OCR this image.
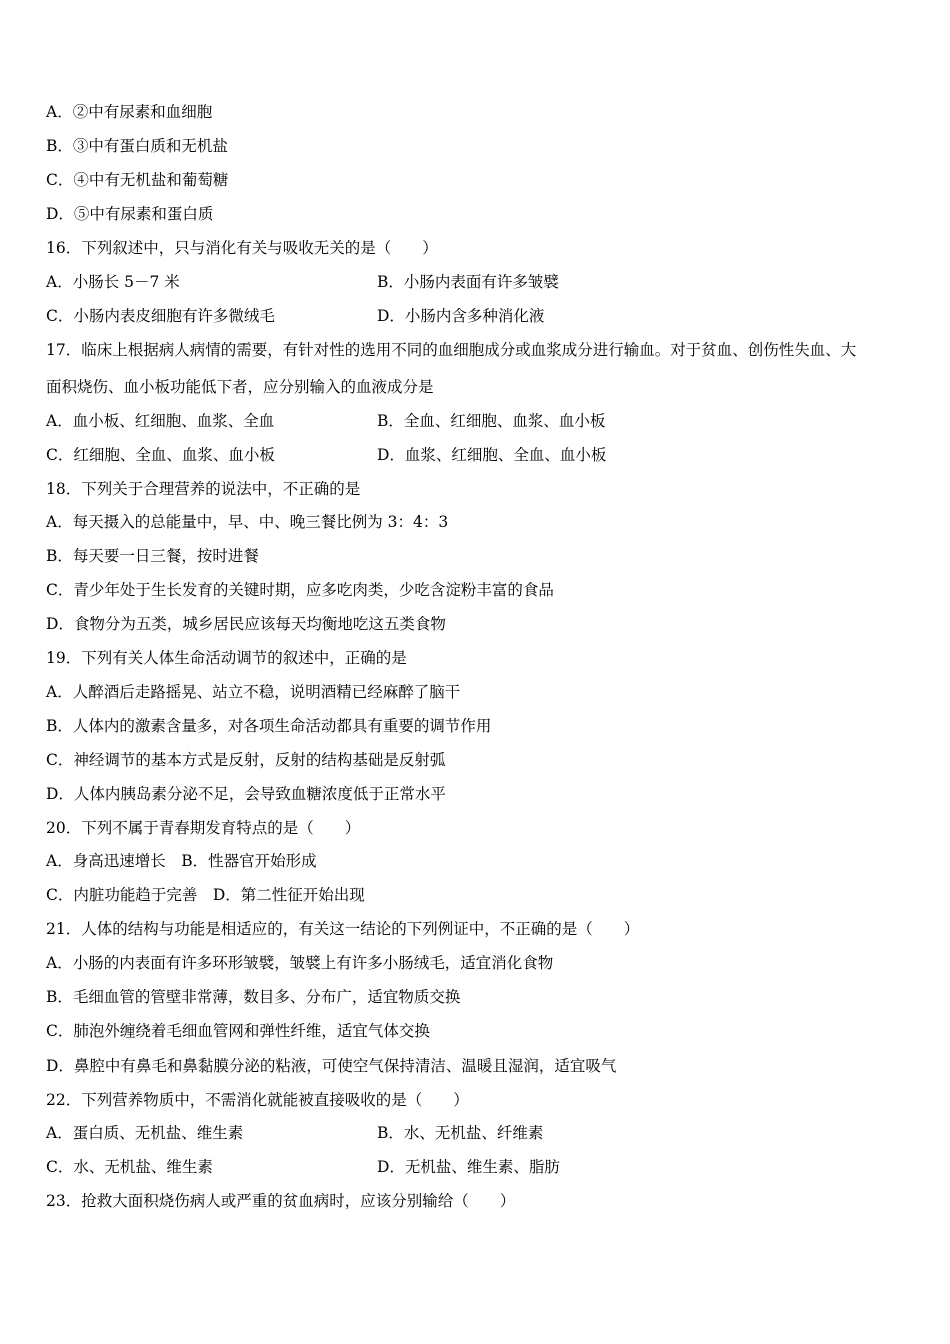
A．②中有尿素和血细胞
B．③中有蛋白质和无机盐
C．④中有无机盐和葡萄糖
D．⑤中有尿素和蛋白质
16．下列叙述中，只与消化有关与吸收无关的是（　　）
A．小肠长 5－7 米	B．小肠内表面有许多皱襞
C．小肠内表皮细胞有许多微绒毛	D．小肠内含多种消化液
17．临床上根据病人病情的需要，有针对性的选用不同的血细胞成分或血浆成分进行输血。对于贫血、创伤性失血、大
面积烧伤、血小板功能低下者，应分别输入的血液成分是
A．血小板、红细胞、血浆、全血	B．全血、红细胞、血浆、血小板
C．红细胞、全血、血浆、血小板	D．血浆、红细胞、全血、血小板
18．下列关于合理营养的说法中，不正确的是
A．每天摄入的总能量中，早、中、晚三餐比例为 3：4：3
B．每天要一日三餐，按时进餐
C．青少年处于生长发育的关键时期，应多吃肉类，少吃含淀粉丰富的食品
D．食物分为五类，城乡居民应该每天均衡地吃这五类食物
19．下列有关人体生命活动调节的叙述中，正确的是
A．人醉酒后走路摇晃、站立不稳，说明酒精已经麻醉了脑干
B．人体内的激素含量多，对各项生命活动都具有重要的调节作用
C．神经调节的基本方式是反射，反射的结构基础是反射弧
D．人体内胰岛素分泌不足，会导致血糖浓度低于正常水平
20．下列不属于青春期发育特点的是（　　）
A．身高迅速增长　B．性器官开始形成
C．内脏功能趋于完善　D．第二性征开始出现
21．人体的结构与功能是相适应的，有关这一结论的下列例证中，不正确的是（　　）
A．小肠的内表面有许多环形皱襞，皱襞上有许多小肠绒毛，适宜消化食物
B．毛细血管的管壁非常薄，数目多、分布广，适宜物质交换
C．肺泡外缠绕着毛细血管网和弹性纤维，适宜气体交换
D．鼻腔中有鼻毛和鼻黏膜分泌的粘液，可使空气保持清洁、温暖且湿润，适宜吸气
22．下列营养物质中，不需消化就能被直接吸收的是（　　）
A．蛋白质、无机盐、维生素	B．水、无机盐、纤维素
C．水、无机盐、维生素	D．无机盐、维生素、脂肪
23．抢救大面积烧伤病人或严重的贫血病时，应该分别输给（　　）
